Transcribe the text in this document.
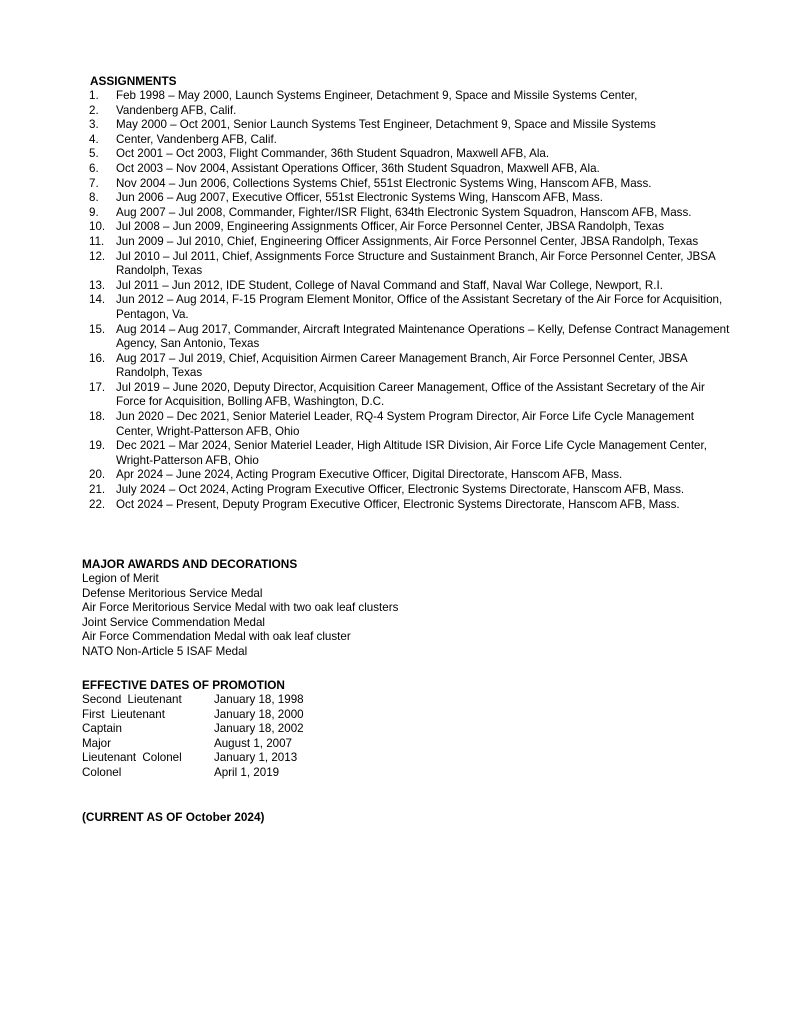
ASSIGNMENTS
1. Feb 1998 – May 2000, Launch Systems Engineer, Detachment 9, Space and Missile Systems Center,
2. Vandenberg AFB, Calif.
3. May 2000 – Oct 2001, Senior Launch Systems Test Engineer, Detachment 9, Space and Missile Systems
4. Center, Vandenberg AFB, Calif.
5. Oct 2001 – Oct 2003, Flight Commander, 36th Student Squadron, Maxwell AFB, Ala.
6. Oct 2003 – Nov 2004, Assistant Operations Officer, 36th Student Squadron, Maxwell AFB, Ala.
7. Nov 2004 – Jun 2006, Collections Systems Chief, 551st Electronic Systems Wing, Hanscom AFB, Mass.
8. Jun 2006 – Aug 2007, Executive Officer, 551st Electronic Systems Wing, Hanscom AFB, Mass.
9. Aug 2007 – Jul 2008, Commander, Fighter/ISR Flight, 634th Electronic System Squadron, Hanscom AFB, Mass.
10. Jul 2008 – Jun 2009, Engineering Assignments Officer, Air Force Personnel Center, JBSA Randolph, Texas
11. Jun 2009 – Jul 2010, Chief, Engineering Officer Assignments, Air Force Personnel Center, JBSA Randolph, Texas
12. Jul 2010 – Jul 2011, Chief, Assignments Force Structure and Sustainment Branch, Air Force Personnel Center, JBSA Randolph, Texas
13. Jul 2011 – Jun 2012, IDE Student, College of Naval Command and Staff, Naval War College, Newport, R.I.
14. Jun 2012 – Aug 2014, F-15 Program Element Monitor, Office of the Assistant Secretary of the Air Force for Acquisition, Pentagon, Va.
15. Aug 2014 – Aug 2017, Commander, Aircraft Integrated Maintenance Operations – Kelly, Defense Contract Management Agency, San Antonio, Texas
16. Aug 2017 – Jul 2019, Chief, Acquisition Airmen Career Management Branch, Air Force Personnel Center, JBSA Randolph, Texas
17. Jul 2019 – June 2020, Deputy Director, Acquisition Career Management, Office of the Assistant Secretary of the Air Force for Acquisition, Bolling AFB, Washington, D.C.
18. Jun 2020 – Dec 2021, Senior Materiel Leader, RQ-4 System Program Director, Air Force Life Cycle Management Center, Wright-Patterson AFB, Ohio
19. Dec 2021 – Mar 2024, Senior Materiel Leader, High Altitude ISR Division, Air Force Life Cycle Management Center, Wright-Patterson AFB, Ohio
20. Apr 2024 – June 2024, Acting Program Executive Officer, Digital Directorate, Hanscom AFB, Mass.
21. July 2024 – Oct 2024, Acting Program Executive Officer, Electronic Systems Directorate, Hanscom AFB, Mass.
22. Oct 2024 – Present, Deputy Program Executive Officer, Electronic Systems Directorate, Hanscom AFB, Mass.
MAJOR AWARDS AND DECORATIONS
Legion of Merit
Defense Meritorious Service Medal
Air Force Meritorious Service Medal with two oak leaf clusters
Joint Service Commendation Medal
Air Force Commendation Medal with oak leaf cluster
NATO Non-Article 5 ISAF Medal
EFFECTIVE DATES OF PROMOTION
Second Lieutenant	January 18, 1998
First Lieutenant	January 18, 2000
Captain	January 18, 2002
Major	August 1, 2007
Lieutenant Colonel	January 1, 2013
Colonel	April 1, 2019

(CURRENT AS OF October 2024)
